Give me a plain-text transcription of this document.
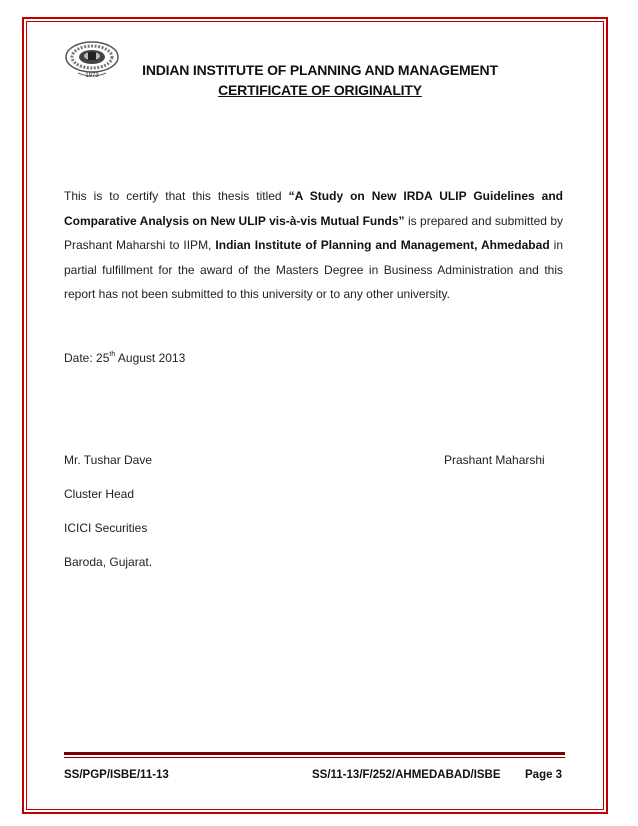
1973	INDIAN INSTITUTE OF PLANNING AND MANAGEMENT
CERTIFICATE OF ORIGINALITY
This is to certify that this thesis titled “A Study on New IRDA ULIP Guidelines and Comparative Analysis on New ULIP vis-à-vis Mutual Funds” is prepared and submitted by Prashant Maharshi to IIPM, Indian Institute of Planning and Management, Ahmedabad in partial fulfillment for the award of the Masters Degree in Business Administration and this report has not been submitted to this university or to any other university.
Date: 25th August 2013
Mr. Tushar Dave	Prashant Maharshi
Cluster Head
ICICI Securities
Baroda, Gujarat.
SS/PGP/ISBE/11-13	SS/11-13/F/252/AHMEDABAD/ISBE Page 3
